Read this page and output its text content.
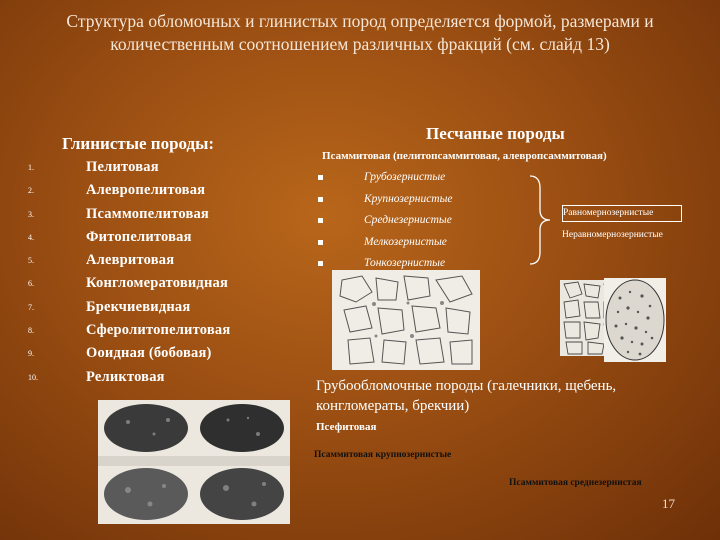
Структура обломочных и глинистых пород определяется формой, размерами и количественным соотношением различных фракций (см. слайд 13)
Глинистые породы:
1.	Пелитовая
2.	Алевропелитовая
3.	Псаммопелитовая
4.	Фитопелитовая
5.	Алевритовая
6.	Конгломератовидная
7.	Брекчиевидная
8.	Сферолитопелитовая
9.	Ооидная (бобовая)
10.	Реликтовая
Песчаные породы
Псаммитовая (пелитопсаммитовая, алевропсаммитовая)
Грубозернистые
Крупнозернистые
Среднезернистые
Мелкозернистые
Тонкозернистые
Равномернозернистые
Неравномернозернистые
Грубообломочные породы (галечники, щебень, конгломераты, брекчии)
Псефитовая
Псаммитовая крупнозернистые
Псаммитовая среднезернистая
17
